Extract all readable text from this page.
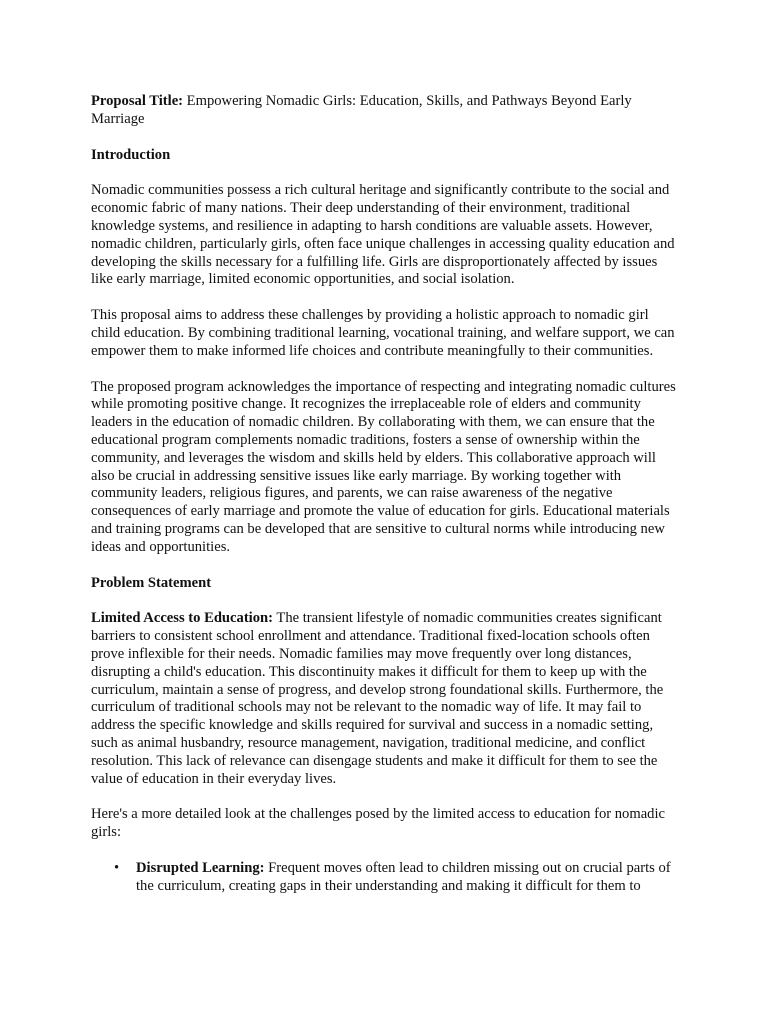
Proposal Title: Empowering Nomadic Girls: Education, Skills, and Pathways Beyond Early Marriage

Introduction

Nomadic communities possess a rich cultural heritage and significantly contribute to the social and economic fabric of many nations. Their deep understanding of their environment, traditional knowledge systems, and resilience in adapting to harsh conditions are valuable assets. However, nomadic children, particularly girls, often face unique challenges in accessing quality education and developing the skills necessary for a fulfilling life. Girls are disproportionately affected by issues like early marriage, limited economic opportunities, and social isolation.

This proposal aims to address these challenges by providing a holistic approach to nomadic girl child education. By combining traditional learning, vocational training, and welfare support, we can empower them to make informed life choices and contribute meaningfully to their communities.

The proposed program acknowledges the importance of respecting and integrating nomadic cultures while promoting positive change. It recognizes the irreplaceable role of elders and community leaders in the education of nomadic children. By collaborating with them, we can ensure that the educational program complements nomadic traditions, fosters a sense of ownership within the community, and leverages the wisdom and skills held by elders. This collaborative approach will also be crucial in addressing sensitive issues like early marriage. By working together with community leaders, religious figures, and parents, we can raise awareness of the negative consequences of early marriage and promote the value of education for girls. Educational materials and training programs can be developed that are sensitive to cultural norms while introducing new ideas and opportunities.

Problem Statement

Limited Access to Education: The transient lifestyle of nomadic communities creates significant barriers to consistent school enrollment and attendance. Traditional fixed-location schools often prove inflexible for their needs. Nomadic families may move frequently over long distances, disrupting a child's education. This discontinuity makes it difficult for them to keep up with the curriculum, maintain a sense of progress, and develop strong foundational skills. Furthermore, the curriculum of traditional schools may not be relevant to the nomadic way of life. It may fail to address the specific knowledge and skills required for survival and success in a nomadic setting, such as animal husbandry, resource management, navigation, traditional medicine, and conflict resolution. This lack of relevance can disengage students and make it difficult for them to see the value of education in their everyday lives.

Here's a more detailed look at the challenges posed by the limited access to education for nomadic girls:

• Disrupted Learning: Frequent moves often lead to children missing out on crucial parts of the curriculum, creating gaps in their understanding and making it difficult for them to
